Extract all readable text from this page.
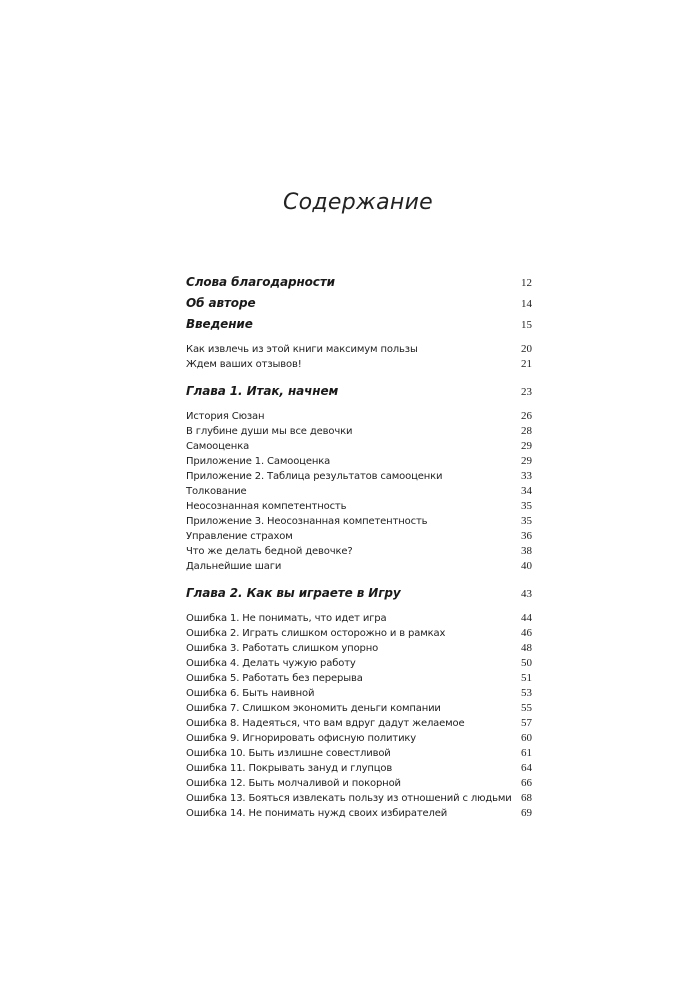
Содержание
Слова благодарности	12
Об авторе	14
Введение	15
Как извлечь из этой книги максимум пользы	20
Ждем ваших отзывов!	21
Глава 1. Итак, начнем	23
История Сюзан	26
В глубине души мы все девочки	28
Самооценка	29
Приложение 1. Самооценка	29
Приложение 2. Таблица результатов самооценки	33
Толкование	34
Неосознанная компетентность	35
Приложение 3. Неосознанная компетентность	35
Управление страхом	36
Что же делать бедной девочке?	38
Дальнейшие шаги	40
Глава 2. Как вы играете в Игру	43
Ошибка 1. Не понимать, что идет игра	44
Ошибка 2. Играть слишком осторожно и в рамках	46
Ошибка 3. Работать слишком упорно	48
Ошибка 4. Делать чужую работу	50
Ошибка 5. Работать без перерыва	51
Ошибка 6. Быть наивной	53
Ошибка 7. Слишком экономить деньги компании	55
Ошибка 8. Надеяться, что вам вдруг дадут желаемое	57
Ошибка 9. Игнорировать офисную политику	60
Ошибка 10. Быть излишне совестливой	61
Ошибка 11. Покрывать зануд и глупцов	64
Ошибка 12. Быть молчаливой и покорной	66
Ошибка 13. Бояться извлекать пользу из отношений с людьми 68
Ошибка 14. Не понимать нужд своих избирателей	69
